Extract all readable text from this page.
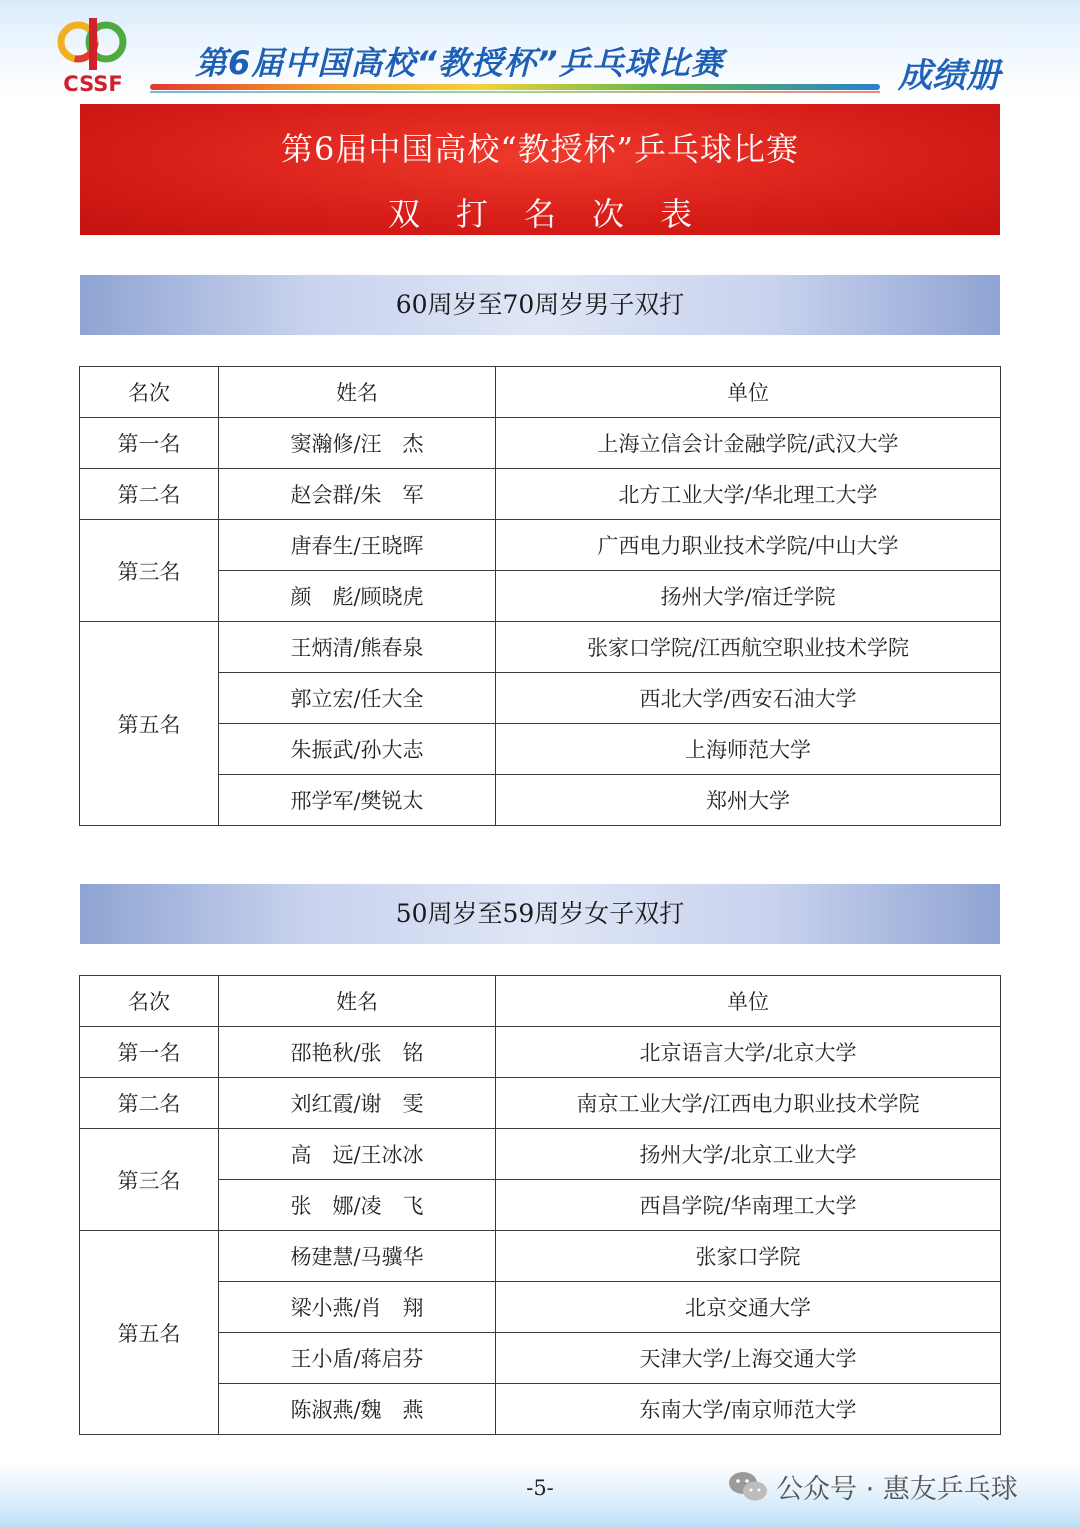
CSSF
第6届中国高校“教授杯”乒乓球比赛	成绩册
第6届中国高校“教授杯”乒乓球比赛
双打名次表
60周岁至70周岁男子双打
名次	姓名	单位
第一名	窦瀚修/汪　杰	上海立信会计金融学院/武汉大学
第二名	赵会群/朱　军	北方工业大学/华北理工大学
第三名	唐春生/王晓晖	广西电力职业技术学院/中山大学
	颜　彪/顾晓虎	扬州大学/宿迁学院
第五名	王炳清/熊春泉	张家口学院/江西航空职业技术学院
	郭立宏/任大全	西北大学/西安石油大学
	朱振武/孙大志	上海师范大学
	邢学军/樊锐太	郑州大学
50周岁至59周岁女子双打
名次	姓名	单位
第一名	邵艳秋/张　铭	北京语言大学/北京大学
第二名	刘红霞/谢　雯	南京工业大学/江西电力职业技术学院
第三名	高　远/王冰冰	扬州大学/北京工业大学
	张　娜/凌　飞	西昌学院/华南理工大学
第五名	杨建慧/马骥华	张家口学院
	梁小燕/肖　翔	北京交通大学
	王小盾/蒋启芬	天津大学/上海交通大学
	陈淑燕/魏　燕	东南大学/南京师范大学
-5-	公众号 · 惠友乒乓球
